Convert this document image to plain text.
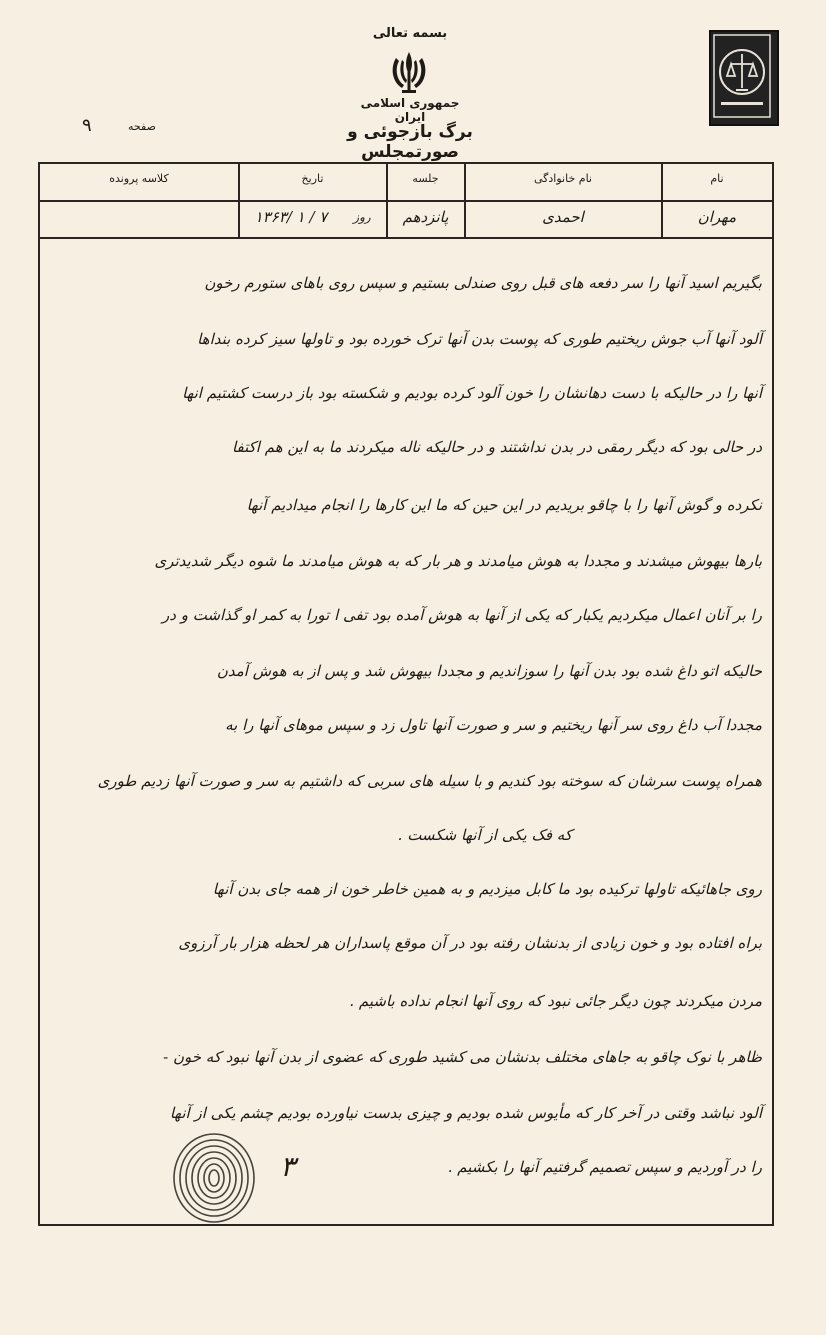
بسمه تعالی
جمهوری اسلامی ایران
برگ بازجوئی و صورتمجلس
صفحه
۹
نام
نام خانوادگی
جلسه
تاریخ
کلاسه پرونده
مهران
احمدی
پانزدهم
روز
۱۳۶۳/ ۱ / ۷
بگیریم اسید آنها را سر دفعه های قبل روی صندلی بستیم و سپس روی باهای ستورم رخون
آلود آنها آب جوش ریختیم طوری که پوست بدن آنها ترک خورده بود و تاولها سیز کرده بنداها
آنها را در حالیکه با دست دهانشان را خون آلود کرده بودیم و شکسته بود باز درست کشتیم انها
در حالی بود که دیگر رمقی در بدن نداشتند و در حالیکه ناله میکردند ما به این هم اکتفا
نکرده و گوش آنها را با چاقو بریدیم در این حین که ما این کارها را انجام میدادیم آنها
بارها بیهوش میشدند و مجددا به هوش میامدند و هر بار که به هوش میامدند ما شوه دیگر شدیدتری
را بر آنان اعمال میکردیم یکبار که یکی از آنها به هوش آمده بود تفی ا تورا به کمر او گذاشت و در
حالیکه اتو داغ شده بود بدن آنها را سوزاندیم و مجددا بیهوش شد و پس از به هوش آمدن
مجددا آب داغ روی سر آنها ریختیم و سر و صورت آنها تاول زد و سپس موهای آنها را به
همراه پوست سرشان که سوخته بود کندیم و با سیله های سربی که داشتیم به سر و صورت آنها زدیم طوری
که فک یکی از آنها شکست .
روی جاهائیکه تاولها ترکیده بود ما کابل میزدیم و به همین خاطر خون از همه جای بدن آنها
براه افتاده بود و خون زیادی از بدنشان رفته بود در آن موقع پاسداران هر لحظه هزار بار آرزوی
مردن میکردند چون دیگر جائی نبود که روی آنها انجام نداده باشیم .
ظاهر با نوک چاقو به جاهای مختلف بدنشان می کشید طوری که عضوی از بدن آنها نبود که خون -
آلود نباشد وقتی در آخر کار که مأیوس شده بودیم و چیزی بدست نیاورده بودیم چشم یکی از آنها
را در آوردیم و سپس تصمیم گرفتیم آنها را بکشیم .
۳
